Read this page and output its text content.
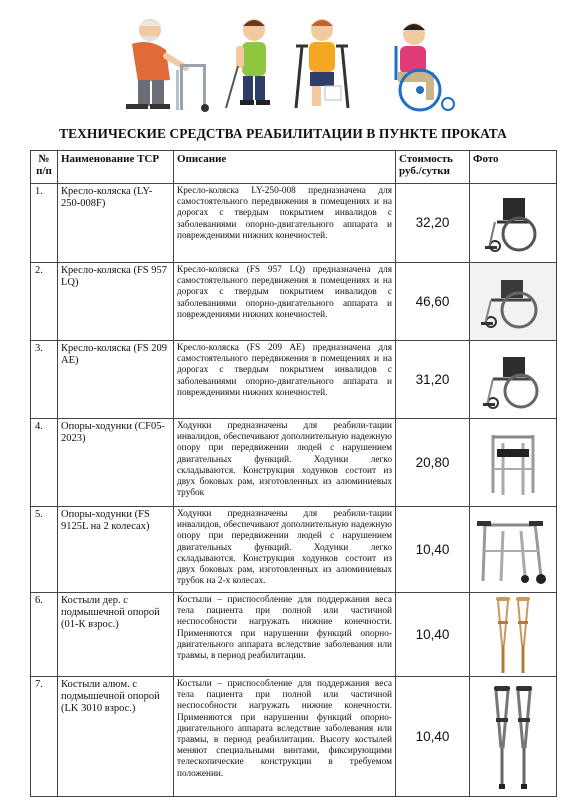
ТЕХНИЧЕСКИЕ СРЕДСТВА РЕАБИЛИТАЦИИ В ПУНКТЕ ПРОКАТА
№ п/п	Наименование ТСР	Описание	Стоимость руб./сутки	Фото
1.	Кресло-коляска (LY-250-008F)	Кресло-коляска LY-250-008 предназначена для самостоятельного передвижения в помещениях и на дорогах с твердым покрытием инвалидов с заболеваниями опорно-двигательного аппарата и повреждениями нижних конечностей.	32,20	

2.	Кресло-коляска (FS 957 LQ)	Кресло-коляска (FS 957 LQ) предназначена для самостоятельного передвижения в помещениях и на дорогах с твердым покрытием инвалидов с заболеваниями опорно-двигательного аппарата и повреждениями нижних конечностей.	46,60	

3.	Кресло-коляска (FS 209 AE)	Кресло-коляска (FS 209 AE) предназначена для самостоятельного передвижения в помещениях и на дорогах с твердым покрытием инвалидов с заболеваниями опорно-двигательного аппарата и повреждениями нижних конечностей.	31,20	

4.	Опоры-ходунки (CF05-2023)	Ходунки предназначены для реабили-тации инвалидов, обеспечивают дополнительную надежную опору при передвижении людей с нарушением двигательных функций. Ходунки легко складываются. Конструкция ходунков состоит из двух боковых рам, изготовленных из алюминиевых трубок	20,80	

5.	Опоры-ходунки (FS 9125L на 2 колесах)	Ходунки предназначены для реабили-тации инвалидов, обеспечивают дополнительную надежную опору при передвижении людей с нарушением двигательных функций. Ходунки легко складываются. Конструкция ходунков состоит из двух боковых рам, изготовленных из алюминиевых трубок на 2-х колесах.	10,40	

6.	Костыли дер. с подмышечной опорой (01-К взрос.)	Костыли – приспособление для поддержания веса тела пациента при полной или частичной неспособности нагружать нижние конечности. Применяются при нарушении функций опорно-двигательного аппарата вследствие заболевания или травмы, в период реабилитации.	10,40	

7.	Костыли алюм. с подмышечной опорой (LK 3010 взрос.)	Костыли – приспособление для поддержания веса тела пациента при полной или частичной неспособности нагружать нижние конечности. Применяются при нарушении функций опорно-двигательного аппарата вследствие заболевания или травмы, в период реабилитации. Высоту костылей меняют специальными винтами, фиксирующими телескопические конструкции в требуемом положении.	10,40	
